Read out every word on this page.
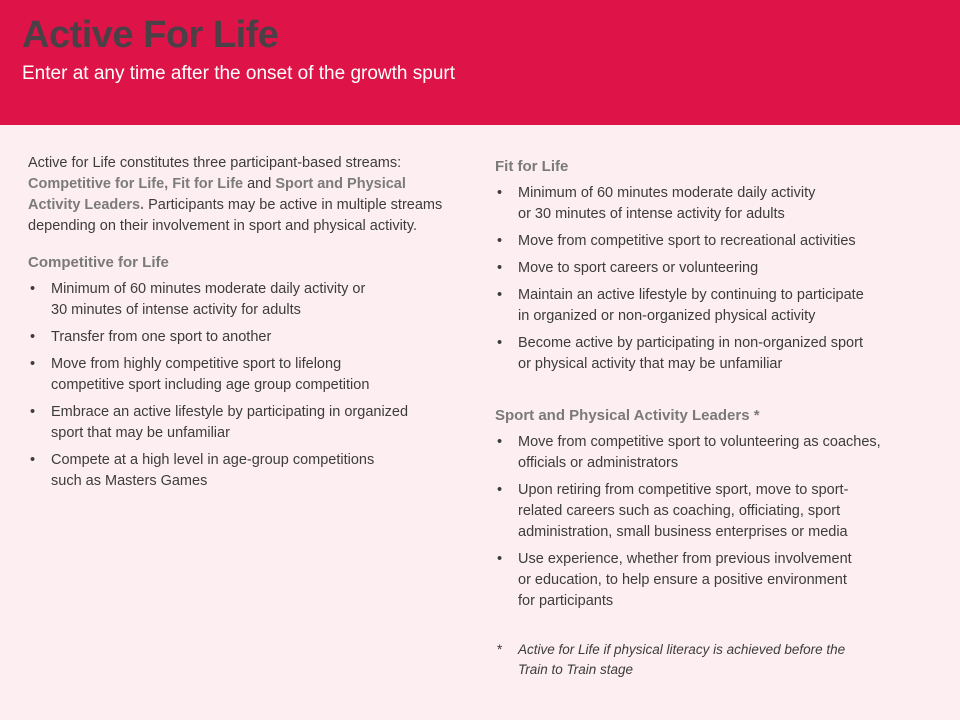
Active For Life
Enter at any time after the onset of the growth spurt

Active for Life constitutes three participant-based streams:
Competitive for Life, Fit for Life and Sport and Physical Activity Leaders. Participants may be active in multiple streams depending on their involvement in sport and physical activity.

Competitive for Life

• Minimum of 60 minutes moderate daily activity or
30 minutes of intense activity for adults
• Transfer from one sport to another
• Move from highly competitive sport to lifelong
competitive sport including age group competition
• Embrace an active lifestyle by participating in organized
sport that may be unfamiliar
• Compete at a high level in age-group competitions
such as Masters Games

Fit for Life

• Minimum of 60 minutes moderate daily activity
or 30 minutes of intense activity for adults
• Move from competitive sport to recreational activities
• Move to sport careers or volunteering
• Maintain an active lifestyle by continuing to participate
in organized or non-organized physical activity
• Become active by participating in non-organized sport
or physical activity that may be unfamiliar

Sport and Physical Activity Leaders *

• Move from competitive sport to volunteering as coaches,
officials or administrators
• Upon retiring from competitive sport, move to sport-
related careers such as coaching, officiating, sport
administration, small business enterprises or media
• Use experience, whether from previous involvement
or education, to help ensure a positive environment
for participants
* Active for Life if physical literacy is achieved before the
Train to Train stage
